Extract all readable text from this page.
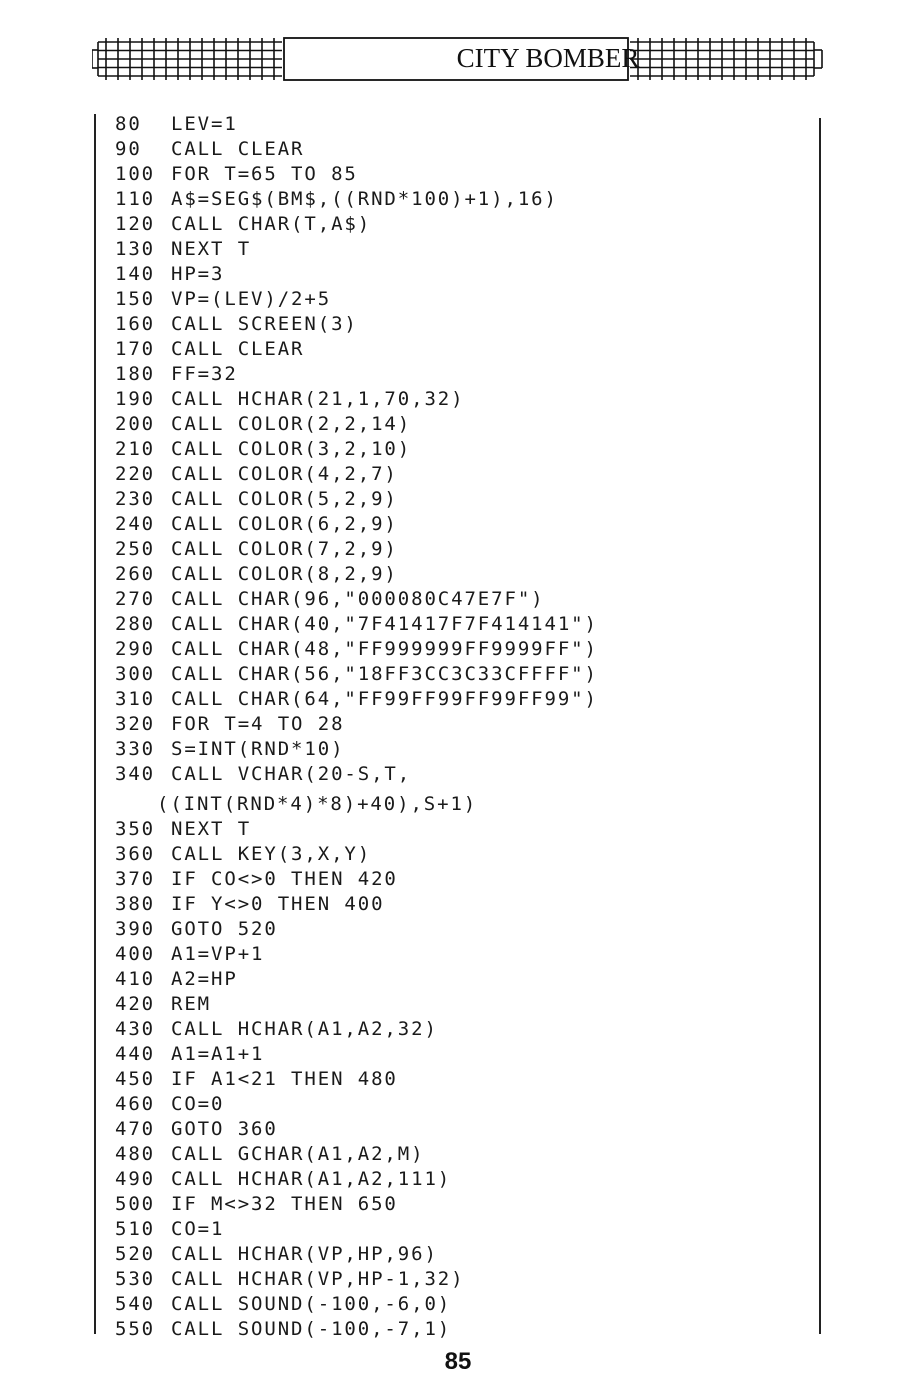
CITY BOMBER
80 LEV=1
90 CALL CLEAR
100 FOR T=65 TO 85
110 A$=SEG$(BM$,((RND*100)+1),16)
120 CALL CHAR(T,A$)
130 NEXT T
140 HP=3
150 VP=(LEV)/2+5
160 CALL SCREEN(3)
170 CALL CLEAR
180 FF=32
190 CALL HCHAR(21,1,70,32)
200 CALL COLOR(2,2,14)
210 CALL COLOR(3,2,10)
220 CALL COLOR(4,2,7)
230 CALL COLOR(5,2,9)
240 CALL COLOR(6,2,9)
250 CALL COLOR(7,2,9)
260 CALL COLOR(8,2,9)
270 CALL CHAR(96,"000080C47E7F")
280 CALL CHAR(40,"7F41417F7F414141")
290 CALL CHAR(48,"FF999999FF9999FF")
300 CALL CHAR(56,"18FF3CC3C33CFFFF")
310 CALL CHAR(64,"FF99FF99FF99FF99")
320 FOR T=4 TO 28
330 S=INT(RND*10)
340 CALL VCHAR(20-S,T,
((INT(RND*4)*8)+40),S+1)
350 NEXT T
360 CALL KEY(3,X,Y)
370 IF CO<>0 THEN 420
380 IF Y<>0 THEN 400
390 GOTO 520
400 A1=VP+1
410 A2=HP
420 REM
430 CALL HCHAR(A1,A2,32)
440 A1=A1+1
450 IF A1<21 THEN 480
460 CO=0
470 GOTO 360
480 CALL GCHAR(A1,A2,M)
490 CALL HCHAR(A1,A2,111)
500 IF M<>32 THEN 650
510 CO=1
520 CALL HCHAR(VP,HP,96)
530 CALL HCHAR(VP,HP-1,32)
540 CALL SOUND(-100,-6,0)
550 CALL SOUND(-100,-7,1)
85
